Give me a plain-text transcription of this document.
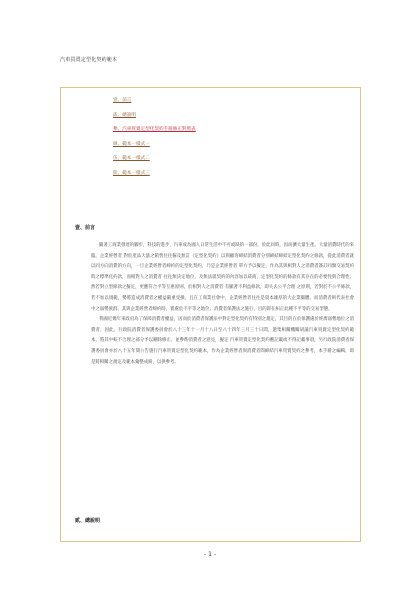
汽車買賣定型化契約範本
壹、前言
貳、總說明
參、汽車買賣定型化契約手冊修正對照表
肆、範本一樣式一
伍、範本一樣式二
陸、範本一樣式三
壹、前言

隨著工商業發達的腳步，科技的進步，汽車成為國人日常生活中不可或缺的一部份，於此同時，因而擴大量生產。大量消費時代的來臨，企業經營者 對於產品大量之銷售往往僱及無訂（定型化契約）以與顧客締結消費者分別締結締結定型化契約之條款，從此消費者就以同方向消費的方向，一旦企業經營者締約的定型化契約，乃是企業經營者 單方予以擬定，作為其與相對人之消費者簽訂同類交易契約時之標準化約款，而相對人之消費者 往往無決定地位，及無法就契約的內容加以磋商，定型化契約的條款有其存在的必要性與合理性；然若對立型條款之擬定，更應符合平等互惠原則，於相對人之消費者 有顯著不利益條款，即失去公平合理 之原則，若對於不公平條款，若不加以規範，勢將造成消費者之權益嚴重受損，且在工商業社會中，企業經營者往往是資本雄厚的大企業團體，而消費者則代表社會中之弱勢族群，其與企業經營者締約時，實處於不平等之地位；消費者保護法之施行，目的即在糾正此種不平等的交易型態。

我國近幾年來政府為了保障消費者權益，因而於消費者保護法中對定型化契約有特別之規定，其目的在於保護處於經濟弱勢地位之消費者，因此，行政院消費者保護委員會於八十三年十一月十八日至八十四年三月三十日間，邀集相關機關研議汽車買賣定型化契約範本，將其中較不合理之部分予以刪除修正，並參酌消費者之意見，擬定 汽車買賣定型化契約應記載或不得記載事項，另行政院消費者保護委員會亦於八十五年間公告施行汽車買賣定型化契約範本，作為企業經營者與消費者間締結汽車買賣契約之參考，本手冊之編輯，即是將相關之規定及範本彙整成冊，以供參考。

貳、總說明
- 1 -
